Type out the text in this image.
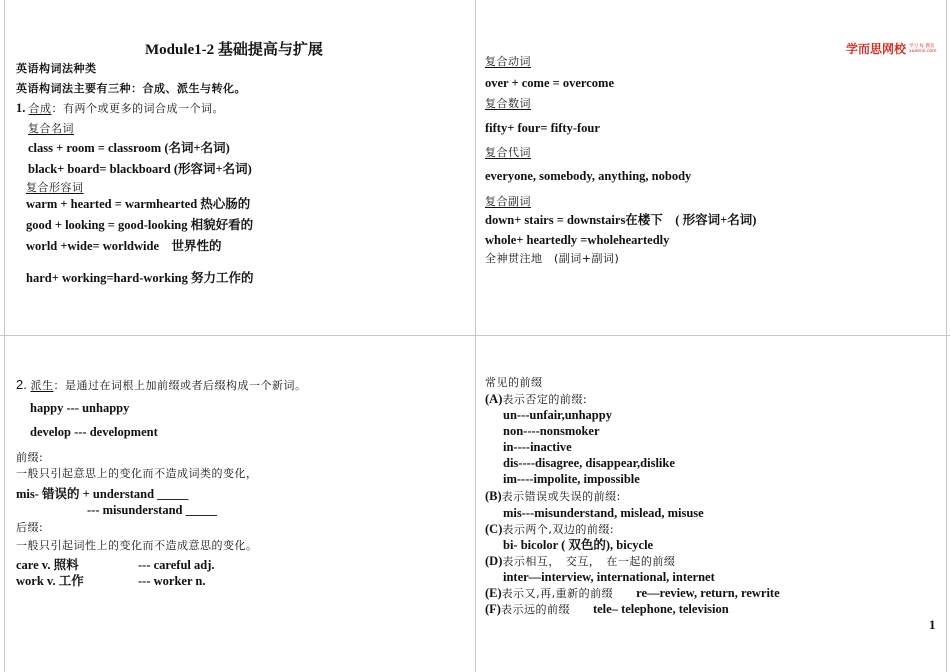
Module1-2 基础提高与扩展
英语构词法种类
英语构词法主要有三种：合成、派生与转化。
1. 合成：有两个或更多的词合成一个词。
复合名词
class + room = classroom (名词+名词)
black+ board= blackboard (形容词+名词)
复合形容词
warm + hearted = warmhearted 热心肠的
good + looking = good-looking 相貌好看的
world +wide= worldwide　世界性的
hard+ working=hard-working 努力工作的
学而思网校 学习 每 教育
xueersi.com
复合动词
over + come = overcome
复合数词
fifty+ four= fifty-four
复合代词
everyone, somebody, anything, nobody
复合副词
down+ stairs = downstairs在楼下　( 形容词+名词)
whole+ heartedly =wholeheartedly
全神贯注地　(副词+副词)
2. 派生：是通过在词根上加前缀或者后缀构成一个新词。
happy --- unhappy
develop --- development
前缀:
一般只引起意思上的变化而不造成词类的变化，
mis- 错误的 + understand _____
--- misunderstand _____
后缀:
一般只引起词性上的变化而不造成意思的变化。
care v. 照料	--- careful adj.
work v. 工作	--- worker n.
常见的前缀
(A)表示否定的前缀:
un---unfair,unhappy
non----nonsmoker
in----inactive
dis----disagree, disappear,dislike
im----impolite, impossible
(B)表示错误或失误的前缀:
mis---misunderstand, mislead, misuse
(C)表示两个,双边的前缀:
bi- bicolor ( 双色的), bicycle
(D)表示相互，　交互，　在一起的前缀
inter—interview, international, internet
(E)表示又,再,重新的前缀　　re—review, return, rewrite
(F)表示远的前缀　　tele– telephone, television
1
